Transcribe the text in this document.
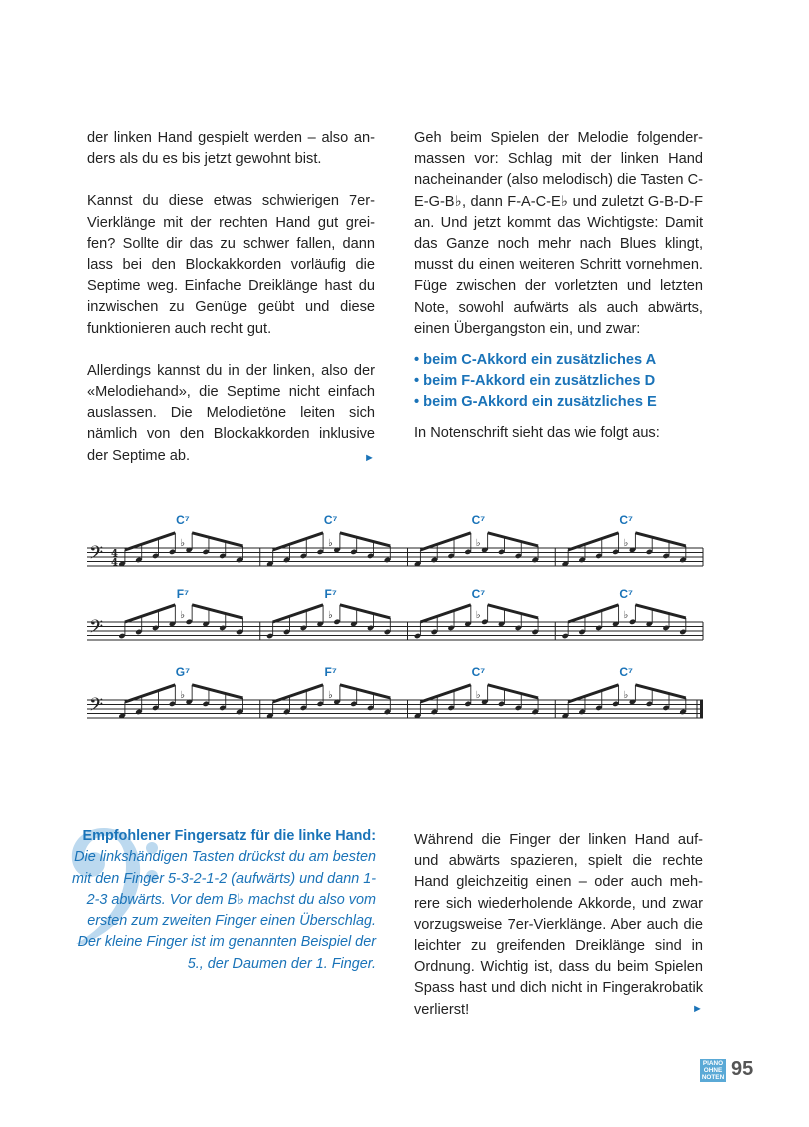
der linken Hand gespielt werden – also anders als du es bis jetzt gewohnt bist.

Kannst du diese etwas schwierigen 7er-Vierklänge mit der rechten Hand gut greifen? Sollte dir das zu schwer fallen, dann lass bei den Blockakkorden vorläufig die Septime weg. Einfache Dreiklänge hast du inzwischen zu Genüge geübt und diese funktionieren auch recht gut.

Allerdings kannst du in der linken, also der «Melodiehand», die Septime nicht einfach auslassen. Die Melodietöne leiten sich nämlich von den Blockakkorden inklusive der Septime ab.	►

Geh beim Spielen der Melodie folgendermassen vor: Schlag mit der linken Hand nacheinander (also melodisch) die Tasten C-E-G-B♭, dann F-A-C-E♭ und zuletzt G-B-D-F an. Und jetzt kommt das Wichtigste: Damit das Ganze noch mehr nach Blues klingt, musst du einen weiteren Schritt vornehmen. Füge zwischen der vorletzten und letzten Note, sowohl aufwärts als auch abwärts, einen Übergangston ein, und zwar:

• beim C-Akkord ein zusätzliches A
• beim F-Akkord ein zusätzliches D
• beim G-Akkord ein zusätzliches E

In Notenschrift sieht das wie folgt aus:

𝄢 4
4
C⁷
♭
C⁷
♭
C⁷
♭
C⁷
♭
𝄢
F⁷
♭
F⁷
♭
C⁷
♭
C⁷
♭
𝄢
G⁷
♭
F⁷
♭
C⁷
♭
C⁷
♭
Empfohlener Fingersatz für die linke Hand: Die linkshändigen Tasten drückst du am besten mit den Finger 5-3-2-1-2 (aufwärts) und dann 1-2-3 abwärts. Vor dem B♭ machst du also vom ersten zum zweiten Finger einen Überschlag. Der kleine Finger ist im genannten Beispiel der 5., der Daumen der 1. Finger.

Während die Finger der linken Hand auf- und abwärts spazieren, spielt die rechte Hand gleichzeitig einen – oder auch mehrere sich wiederholende Akkorde, und zwar vorzugsweise 7er-Vierklänge. Aber auch die leichter zu greifenden Dreiklänge sind in Ordnung. Wichtig ist, dass du beim Spielen Spass hast und dich nicht in Fingerakrobatik verlierst!	►
PIANO
OHNE
NOTEN 95
